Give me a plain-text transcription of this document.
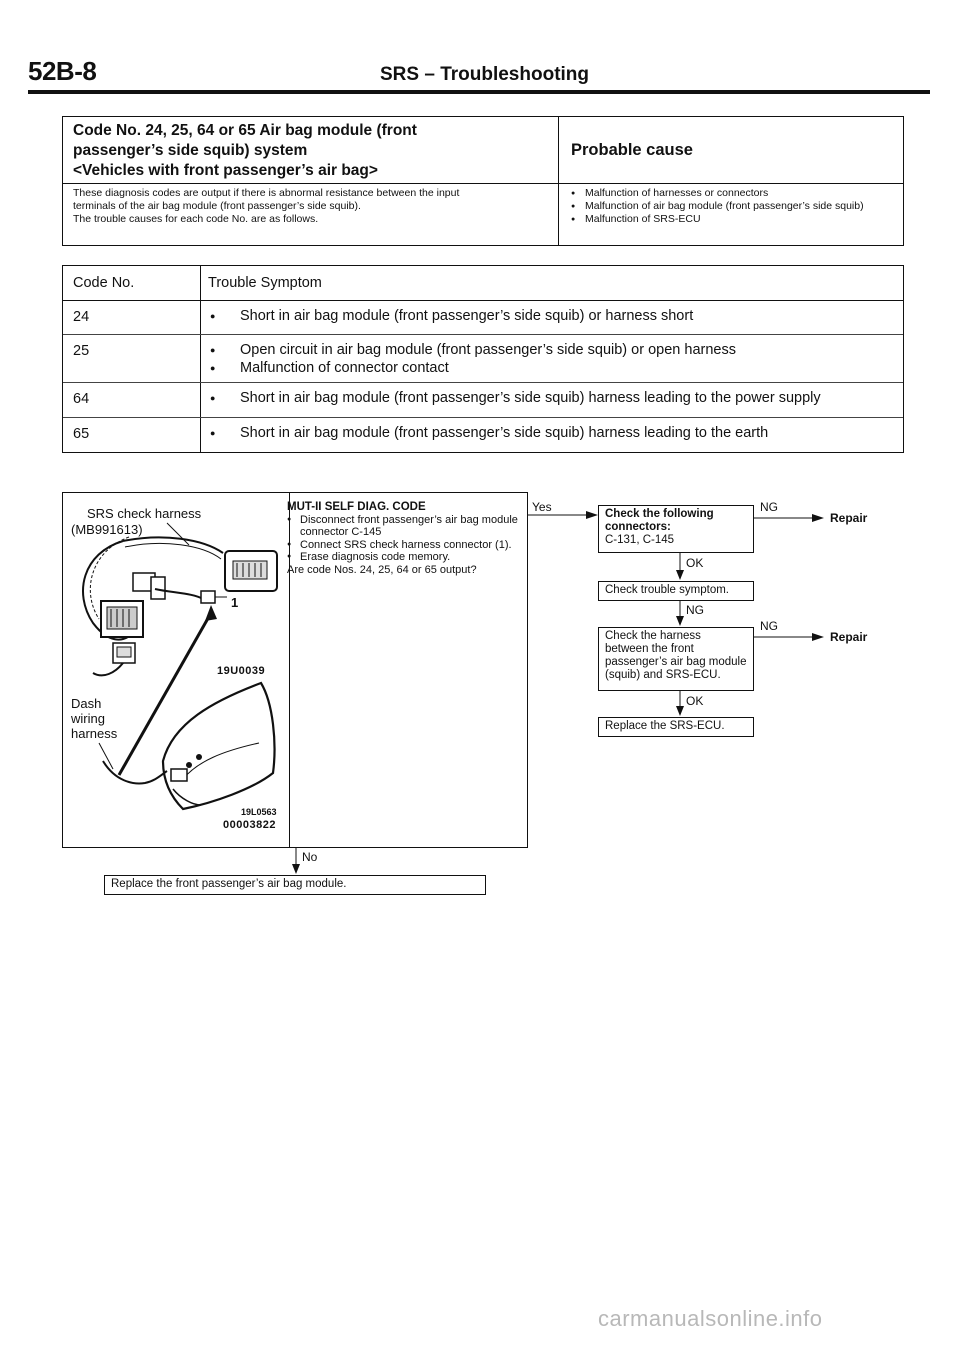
52B-8	SRS – Troubleshooting
Code No. 24, 25, 64 or 65 Air bag module (front
passenger’s side squib) system
<Vehicles with front passenger’s air bag>
Probable cause
These diagnosis codes are output if there is abnormal resistance between the input
terminals of the air bag module (front passenger’s side squib).
The trouble causes for each code No. are as follows.
● Malfunction of harnesses or connectors
● Malfunction of air bag module (front passenger’s side squib)
● Malfunction of SRS-ECU
Code No.	Trouble Symptom
24	● Short in air bag module (front passenger’s side squib) or harness short
25	● Open circuit in air bag module (front passenger’s side squib) or open harness
● Malfunction of connector contact
64	● Short in air bag module (front passenger’s side squib) harness leading to the power supply
65	● Short in air bag module (front passenger’s side squib) harness leading to the earth
SRS check harness
(MB991613)
1
19U0039
Dash
wiring
harness
19L0563
00003822
MUT-II SELF DIAG. CODE
● Disconnect front passenger’s air bag module connector C-145
● Connect SRS check harness connector (1).
● Erase diagnosis code memory.
Are code Nos. 24, 25, 64 or 65 output?
Yes	NG
Repair
Check the following connectors:
C-131, C-145
OK
Check trouble symptom.
NG
NG
Repair
Check the harness between the front passenger’s air bag module (squib) and SRS-ECU.
OK
Replace the SRS-ECU.
No
Replace the front passenger’s air bag module.
carmanualsonline.info
